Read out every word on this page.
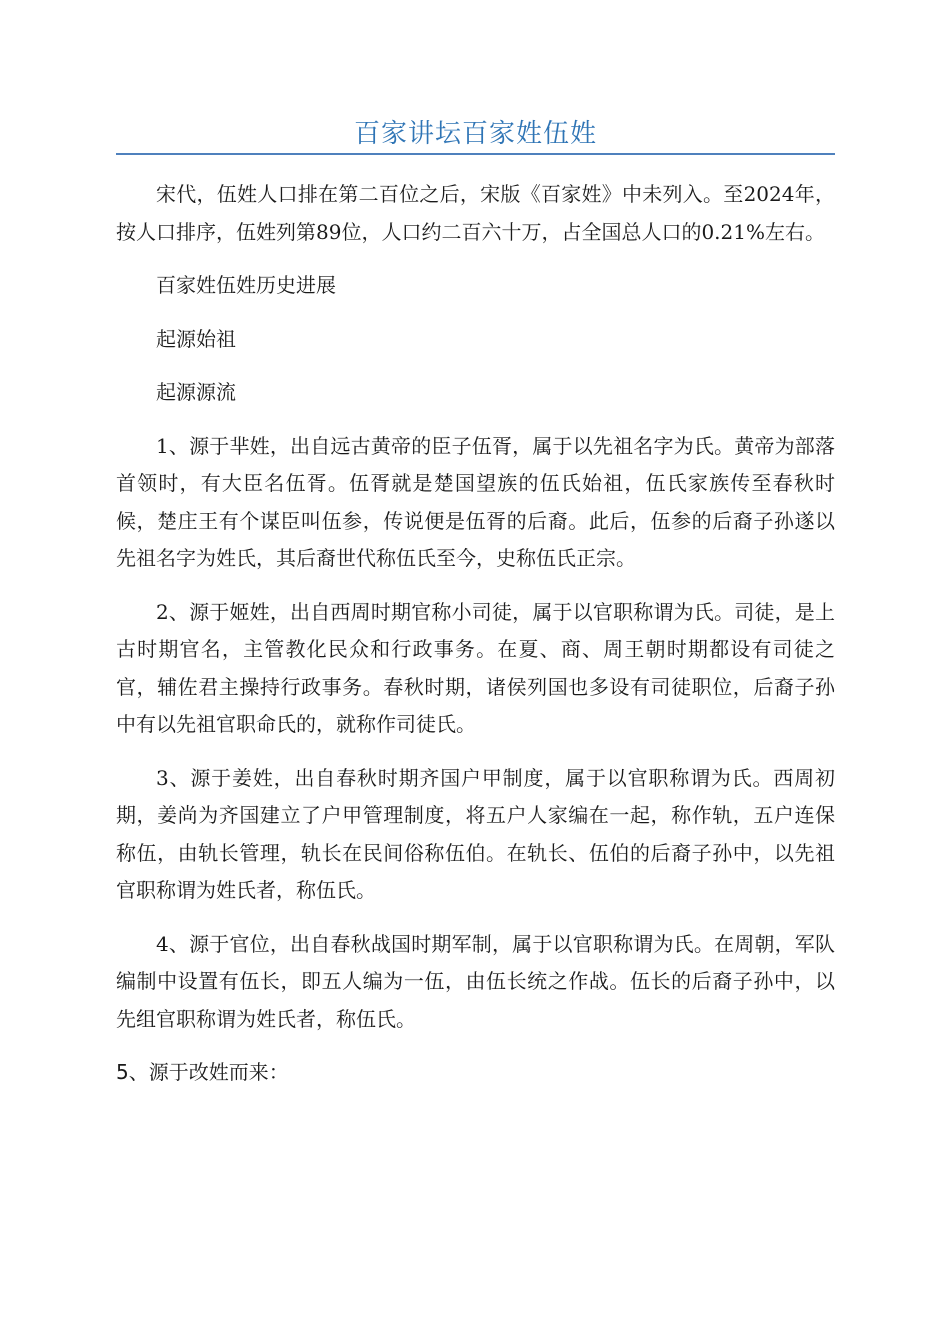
百家讲坛百家姓伍姓

宋代，伍姓人口排在第二百位之后，宋版《百家姓》中未列入。至2024年，按人口排序，伍姓列第89位，人口约二百六十万，占全国总人口的0.21%左右。

百家姓伍姓历史进展

起源始祖

起源源流

1、源于芈姓，出自远古黄帝的臣子伍胥，属于以先祖名字为氏。黄帝为部落首领时，有大臣名伍胥。伍胥就是楚国望族的伍氏始祖，伍氏家族传至春秋时候，楚庄王有个谋臣叫伍参，传说便是伍胥的后裔。此后，伍参的后裔子孙遂以先祖名字为姓氏，其后裔世代称伍氏至今，史称伍氏正宗。

2、源于姬姓，出自西周时期官称小司徒，属于以官职称谓为氏。司徒，是上古时期官名，主管教化民众和行政事务。在夏、商、周王朝时期都设有司徒之官，辅佐君主操持行政事务。春秋时期，诸侯列国也多设有司徒职位，后裔子孙中有以先祖官职命氏的，就称作司徒氏。

3、源于姜姓，出自春秋时期齐国户甲制度，属于以官职称谓为氏。西周初期，姜尚为齐国建立了户甲管理制度，将五户人家编在一起，称作轨，五户连保称伍，由轨长管理，轨长在民间俗称伍伯。在轨长、伍伯的后裔子孙中，以先祖官职称谓为姓氏者，称伍氏。

4、源于官位，出自春秋战国时期军制，属于以官职称谓为氏。在周朝，军队编制中设置有伍长，即五人编为一伍，由伍长统之作战。伍长的后裔子孙中，以先组官职称谓为姓氏者，称伍氏。

5、源于改姓而来：
